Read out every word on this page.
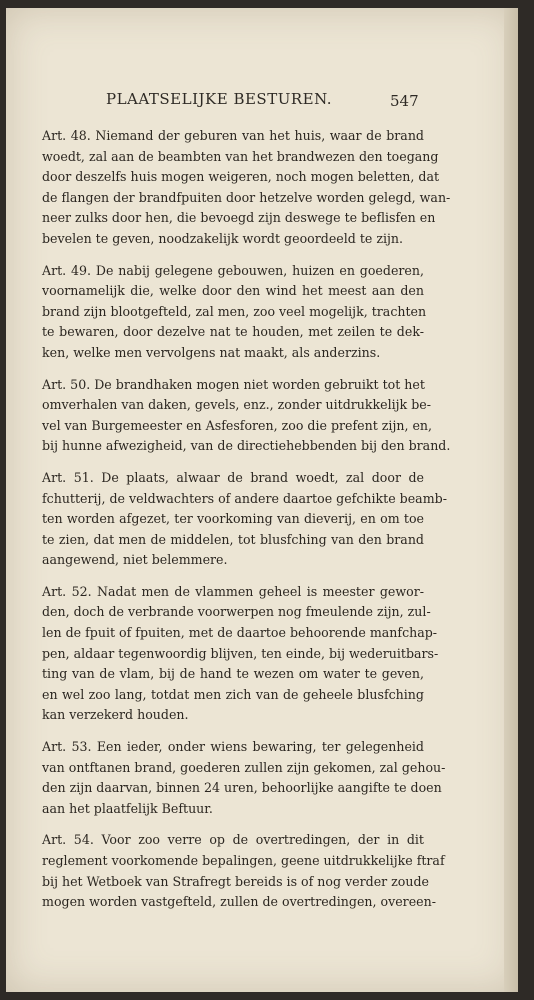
PLAATSELIJKE BESTUREN.	547
Art. 48. Niemand der geburen van het huis, waar de brand
woedt, zal aan de beambten van het brandwezen den toegang
door deszelfs huis mogen weigeren, noch mogen beletten, dat
de flangen der brandfpuiten door hetzelve worden gelegd, wan-
neer zulks door hen, die bevoegd zijn deswege te beflisfen en
bevelen te geven, noodzakelijk wordt geoordeeld te zijn.
Art. 49. De nabij gelegene gebouwen, huizen en goederen,
voornamelijk die, welke door den wind het meest aan den
brand zijn blootgefteld, zal men, zoo veel mogelijk, trachten
te bewaren, door dezelve nat te houden, met zeilen te dek-
ken, welke men vervolgens nat maakt, als anderzins.
Art. 50. De brandhaken mogen niet worden gebruikt tot het
omverhalen van daken, gevels, enz., zonder uitdrukkelijk be-
vel van Burgemeester en Asfesforen, zoo die prefent zijn, en,
bij hunne afwezigheid, van de directiehebbenden bij den brand.
Art. 51. De plaats, alwaar de brand woedt, zal door de
fchutterij, de veldwachters of andere daartoe gefchikte beamb-
ten worden afgezet, ter voorkoming van dieverij, en om toe
te zien, dat men de middelen, tot blusfching van den brand
aangewend, niet belemmere.
Art. 52. Nadat men de vlammen geheel is meester gewor-
den, doch de verbrande voorwerpen nog fmeulende zijn, zul-
len de fpuit of fpuiten, met de daartoe behoorende manfchap-
pen, aldaar tegenwoordig blijven, ten einde, bij wederuitbars-
ting van de vlam, bij de hand te wezen om water te geven,
en wel zoo lang, totdat men zich van de geheele blusfching
kan verzekerd houden.
Art. 53. Een ieder, onder wiens bewaring, ter gelegenheid
van ontftanen brand, goederen zullen zijn gekomen, zal gehou-
den zijn daarvan, binnen 24 uren, behoorlijke aangifte te doen
aan het plaatfelijk Beftuur.
Art. 54. Voor zoo verre op de overtredingen, der in dit
reglement voorkomende bepalingen, geene uitdrukkelijke ftraf
bij het Wetboek van Strafregt bereids is of nog verder zoude
mogen worden vastgefteld, zullen de overtredingen, overeen-
